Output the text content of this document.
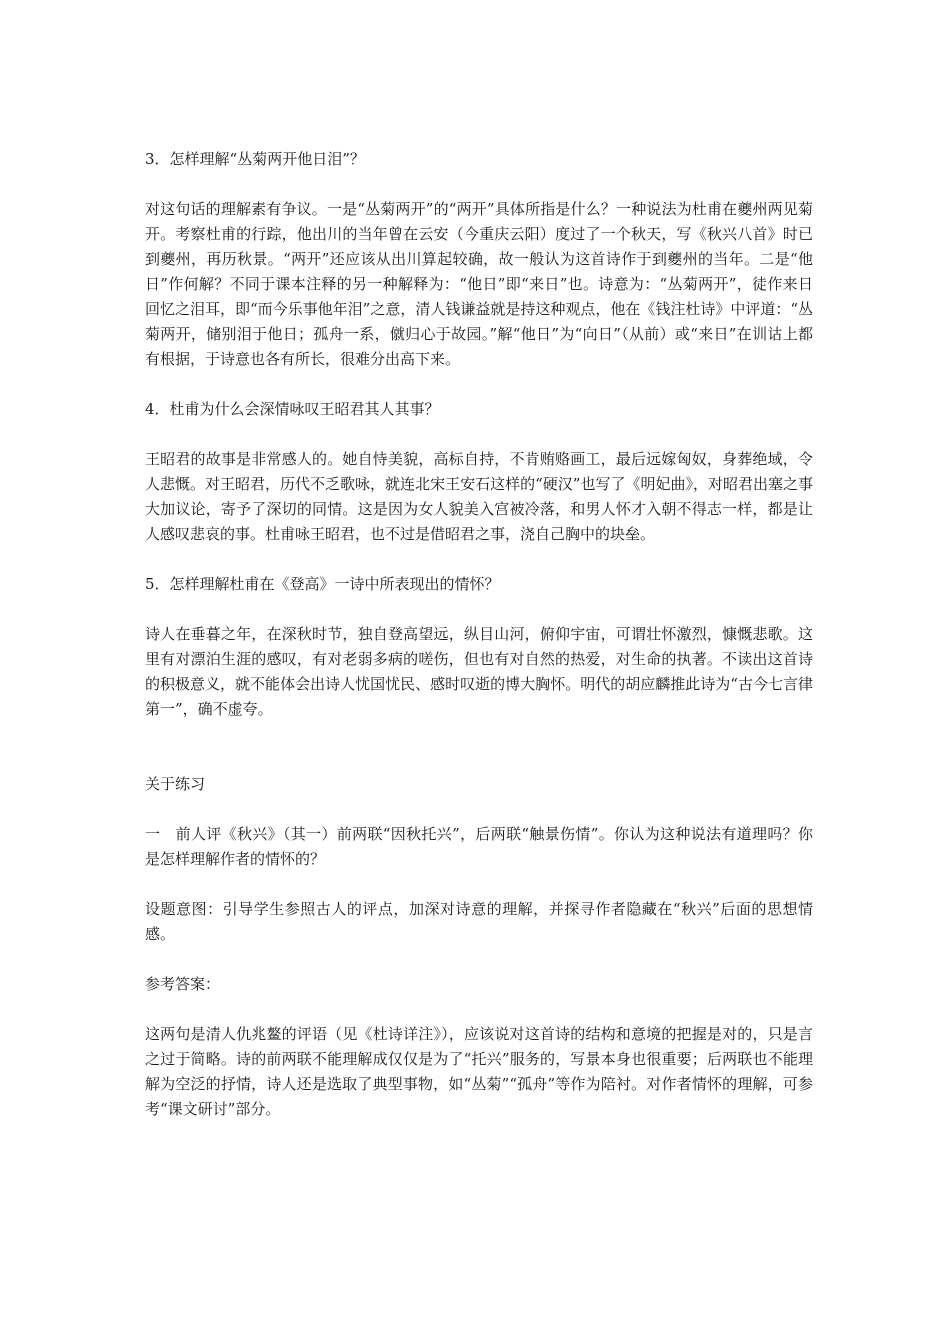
3．怎样理解“丛菊两开他日泪”？

对这句话的理解素有争议。一是“丛菊两开”的“两开”具体所指是什么？一种说法为杜甫在夔州两见菊开。考察杜甫的行踪，他出川的当年曾在云安（今重庆云阳）度过了一个秋天，写《秋兴八首》时已到夔州，再历秋景。“两开”还应该从出川算起较确，故一般认为这首诗作于到夔州的当年。二是“他日”作何解？不同于课本注释的另一种解释为：“他日”即“来日”也。诗意为：“丛菊两开”，徒作来日回忆之泪耳，即“而今乐事他年泪”之意，清人钱谦益就是持这种观点，他在《钱注杜诗》中评道：“丛菊两开，储别泪于他日；孤舟一系，僦归心于故园。”解“他日”为“向日”（从前）或“来日”在训诂上都有根据，于诗意也各有所长，很难分出高下来。

4．杜甫为什么会深情咏叹王昭君其人其事？

王昭君的故事是非常感人的。她自恃美貌，高标自持，不肯贿赂画工，最后远嫁匈奴，身葬绝域，令人悲慨。对王昭君，历代不乏歌咏，就连北宋王安石这样的“硬汉”也写了《明妃曲》，对昭君出塞之事大加议论，寄予了深切的同情。这是因为女人貌美入宫被冷落，和男人怀才入朝不得志一样，都是让人感叹悲哀的事。杜甫咏王昭君，也不过是借昭君之事，浇自己胸中的块垒。

5．怎样理解杜甫在《登高》一诗中所表现出的情怀？

诗人在垂暮之年，在深秋时节，独自登高望远，纵目山河，俯仰宇宙，可谓壮怀激烈，慷慨悲歌。这里有对漂泊生涯的感叹，有对老弱多病的嗟伤，但也有对自然的热爱，对生命的执著。不读出这首诗的积极意义，就不能体会出诗人忧国忧民、感时叹逝的博大胸怀。明代的胡应麟推此诗为“古今七言律第一”，确不虚夸。

关于练习

一　前人评《秋兴》（其一）前两联“因秋托兴”，后两联“触景伤情”。你认为这种说法有道理吗？你是怎样理解作者的情怀的？

设题意图：引导学生参照古人的评点，加深对诗意的理解，并探寻作者隐藏在“秋兴”后面的思想情感。

参考答案：

这两句是清人仇兆鳌的评语（见《杜诗详注》），应该说对这首诗的结构和意境的把握是对的，只是言之过于简略。诗的前两联不能理解成仅仅是为了“托兴”服务的，写景本身也很重要；后两联也不能理解为空泛的抒情，诗人还是选取了典型事物，如“丛菊”“孤舟”等作为陪衬。对作者情怀的理解，可参考“课文研讨”部分。
